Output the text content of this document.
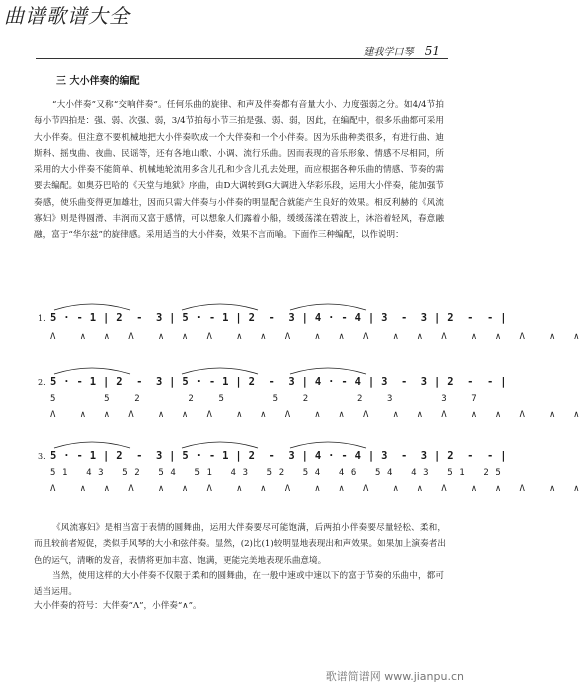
曲谱歌谱大全
建我学口琴 51
三 大小伴奏的编配
“大小伴奏”又称“交响伴奏”。任何乐曲的旋律、和声及伴奏都有音量大小、力度强弱之分。如4/4节拍每小节四拍是：强、弱、次强、弱，3/4节拍每小节三拍是强、弱、弱，因此，在编配中，很多乐曲都可采用大小伴奏。但注意不要机械地把大小伴奏吹成一个大伴奏和一个小伴奏。因为乐曲种类很多，有进行曲、迪斯科、摇曳曲、夜曲、民谣等，还有各地山歌、小调、流行乐曲。因而表现的音乐形象、情感不尽相同，所采用的大小伴奏不能简单、机械地轮流用多含儿孔和少含儿孔去处理，而应根据各种乐曲的情感、节奏的需要去编配。如奥芬巴哈的《天堂与地狱》序曲，由D大调转到G大调进入华彩乐段，运用大小伴奏，能加强节奏感，使乐曲变得更加雄壮，因而只需大伴奏与小伴奏的明显配合就能产生良好的效果。相反利赫的《风流寡妇》则是得圆滑、丰润而又富于感情，可以想象人们露着小船，缓缓荡漾在碧波上，沐浴着轻风，春意融融，富于“华尔兹”的旋律感。采用适当的大小伴奏，效果不言而喻。下面作三种编配，以作说明：
1. 5 · - 1 | 2  -  3 | 5 · - 1 | 2  -  3 | 4 · - 4 | 3  -  3 | 2  -  - |
Λ    ∧   ∧   Λ    ∧   ∧   Λ    ∧   ∧   Λ    ∧   ∧   Λ    ∧   ∧   Λ    ∧   ∧   Λ    ∧   ∧
2. 5 · - 1 | 2  -  3 | 5 · - 1 | 2  -  3 | 4 · - 4 | 3  -  3 | 2  -  - |
5        5    2        2    5        5    2        2    3        3    7
Λ    ∧   ∧   Λ    ∧   ∧   Λ    ∧   ∧   Λ    ∧   ∧   Λ    ∧   ∧   Λ    ∧   ∧   Λ    ∧   ∧
3. 5 · - 1 | 2  -  3 | 5 · - 1 | 2  -  3 | 4 · - 4 | 3  -  3 | 2  -  - |
5 1   4 3   5 2   5 4   5 1   4 3   5 2   5 4   4 6   5 4   4 3   5 1   2 5
Λ    ∧   ∧   Λ    ∧   ∧   Λ    ∧   ∧   Λ    ∧   ∧   Λ    ∧   ∧   Λ    ∧   ∧   Λ    ∧   ∧
《风流寡妇》是相当富于表情的圆舞曲，运用大伴奏要尽可能饱满，后两拍小伴奏要尽量轻松、柔和，而且较前者短促，类似手风琴的大小和弦伴奏。显然，(2)比(1)较明显地表现出和声效果。如果加上演奏者出色的运气，清晰的发音，表情将更加丰富、饱满，更能完美地表现乐曲意境。
当然，使用这样的大小伴奏不仅限于柔和的圆舞曲，在一般中速或中速以下的富于节奏的乐曲中，都可适当运用。
大小伴奏的符号：大伴奏“Λ”，小伴奏“∧”。
歌谱简谱网 www.jianpu.cn
